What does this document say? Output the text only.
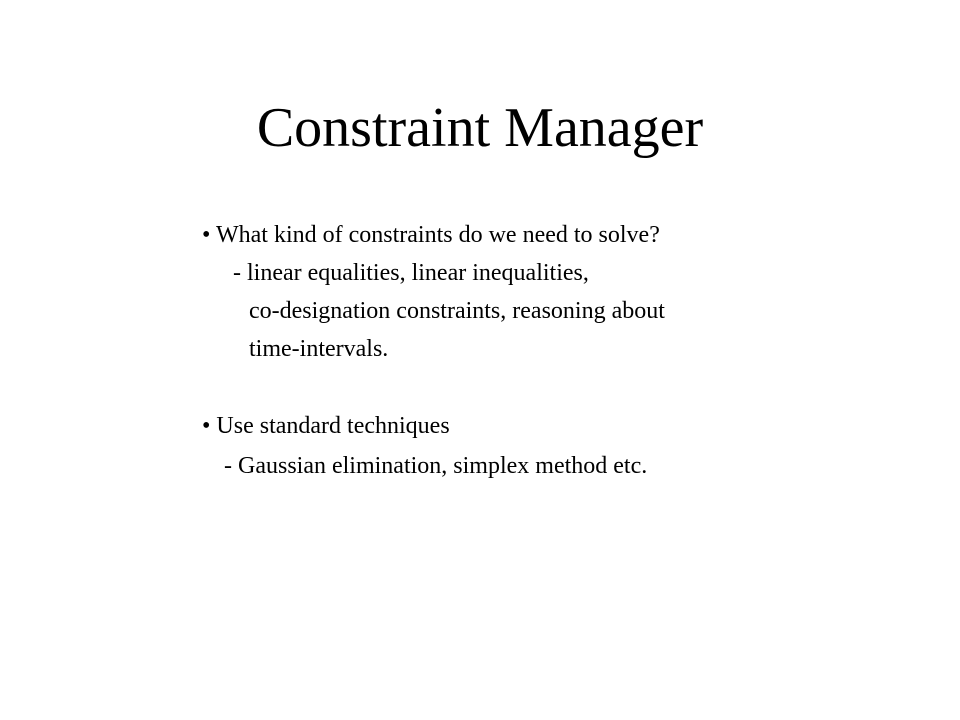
Constraint Manager

• What kind of constraints do we need to solve?

- linear equalities, linear inequalities,

co-designation constraints, reasoning about

time-intervals.

• Use standard techniques

- Gaussian elimination, simplex method etc.
